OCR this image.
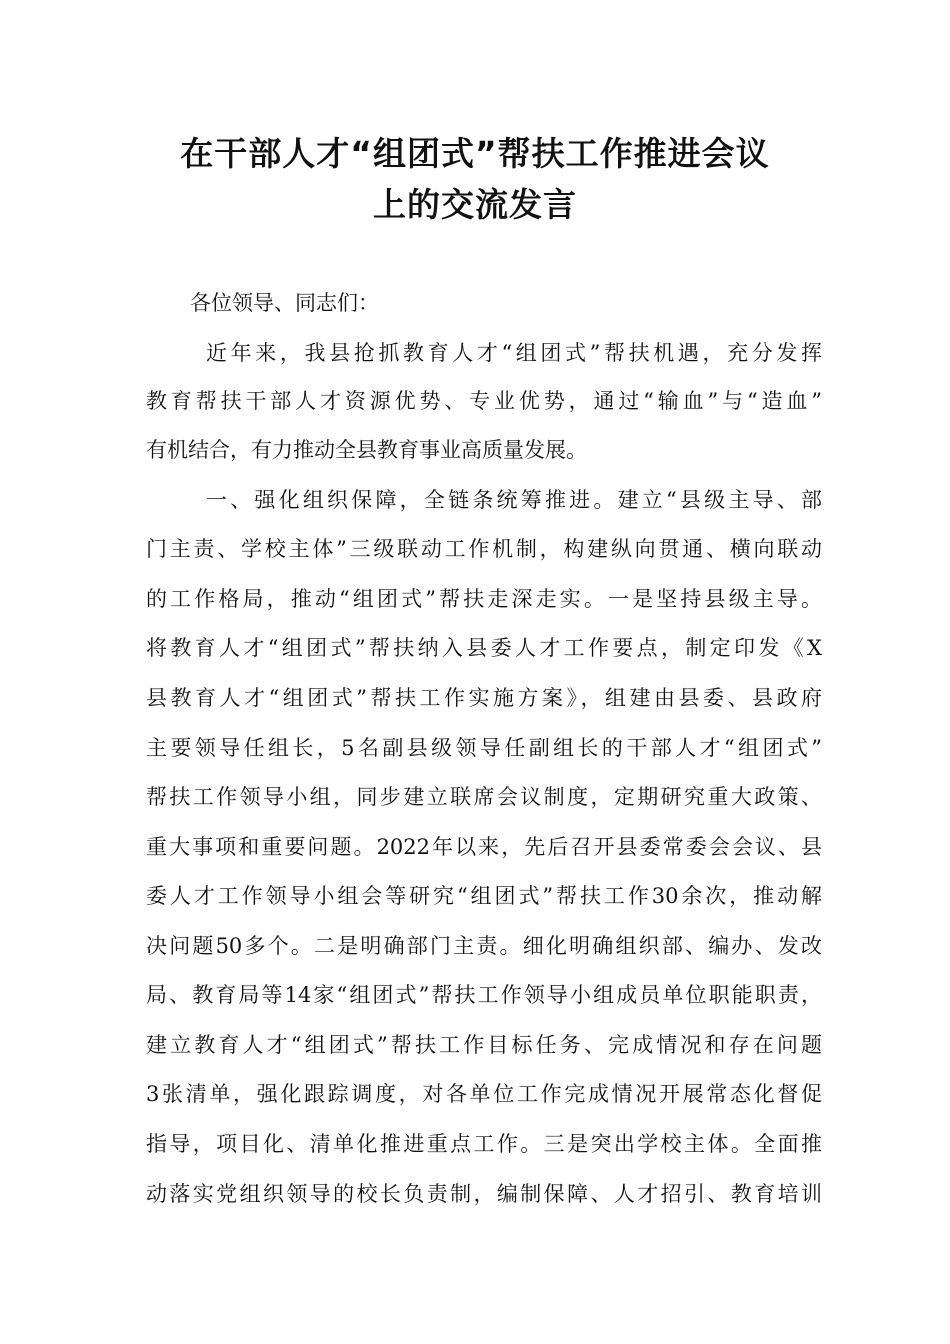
在干部人才“组团式”帮扶工作推进会议
上的交流发言
各位领导、同志们：
近年来，我县抢抓教育人才“组团式”帮扶机遇，充分发挥
教育帮扶干部人才资源优势、专业优势，通过“输血”与“造血”
有机结合，有力推动全县教育事业高质量发展。
一、强化组织保障，全链条统筹推进。建立“县级主导、部
门主责、学校主体”三级联动工作机制，构建纵向贯通、横向联动
的工作格局，推动“组团式”帮扶走深走实。一是坚持县级主导。
将教育人才“组团式”帮扶纳入县委人才工作要点，制定印发《X
县教育人才“组团式”帮扶工作实施方案》，组建由县委、县政府
主要领导任组长，5名副县级领导任副组长的干部人才“组团式”
帮扶工作领导小组，同步建立联席会议制度，定期研究重大政策、
重大事项和重要问题。2022年以来，先后召开县委常委会会议、县
委人才工作领导小组会等研究“组团式”帮扶工作30余次，推动解
决问题50多个。二是明确部门主责。细化明确组织部、编办、发改
局、教育局等14家“组团式”帮扶工作领导小组成员单位职能职责，
建立教育人才“组团式”帮扶工作目标任务、完成情况和存在问题
3张清单，强化跟踪调度，对各单位工作完成情况开展常态化督促
指导，项目化、清单化推进重点工作。三是突出学校主体。全面推
动落实党组织领导的校长负责制，编制保障、人才招引、教育培训
